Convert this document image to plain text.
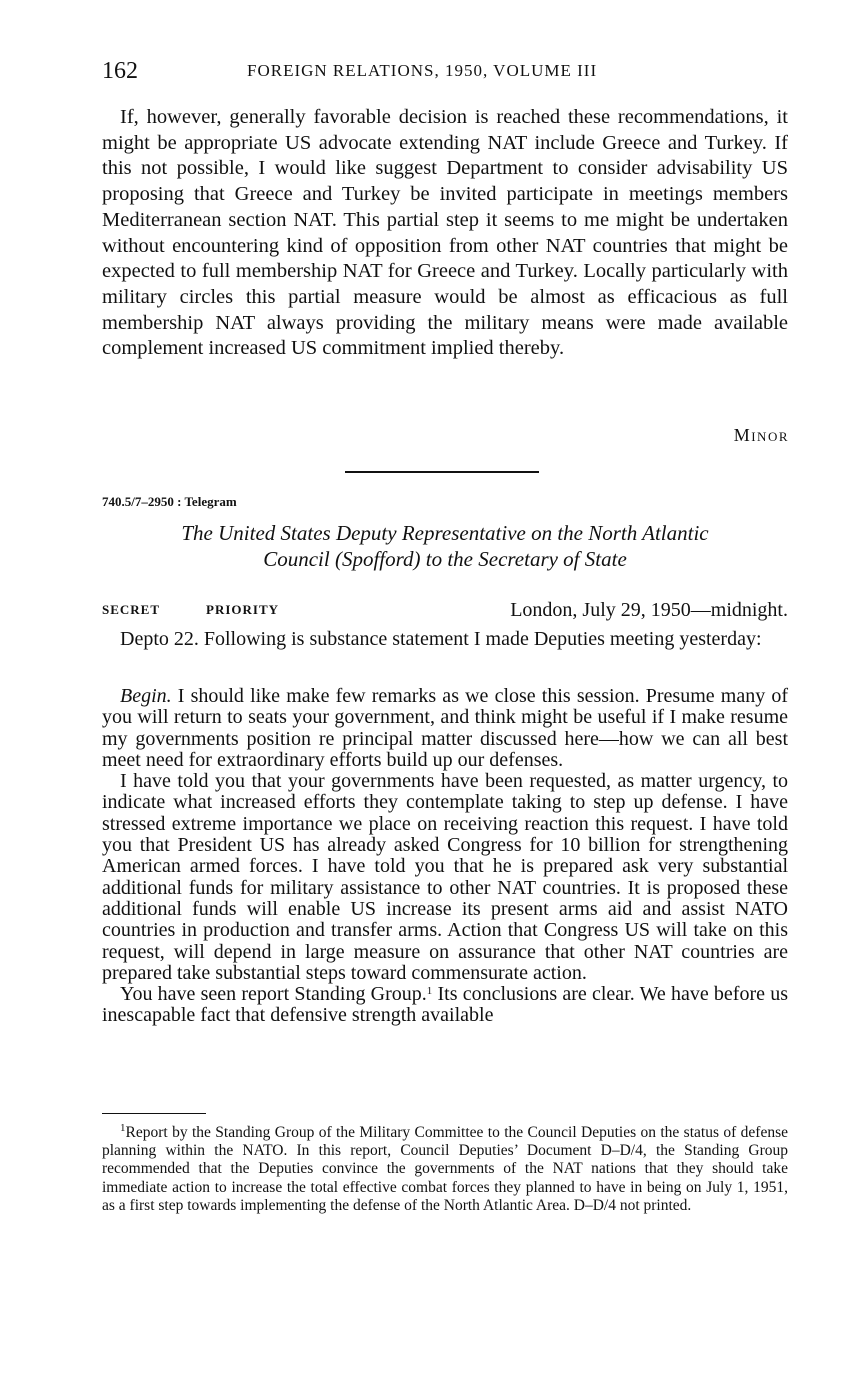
162	FOREIGN RELATIONS, 1950, VOLUME III

If, however, generally favorable decision is reached these recommendations, it might be appropriate US advocate extending NAT include Greece and Turkey. If this not possible, I would like suggest Department to consider advisability US proposing that Greece and Turkey be invited participate in meetings members Mediterranean section NAT. This partial step it seems to me might be undertaken without encountering kind of opposition from other NAT countries that might be expected to full membership NAT for Greece and Turkey. Locally particularly with military circles this partial measure would be almost as efficacious as full membership NAT always providing the military means were made available complement increased US commitment implied thereby.

Minor
740.5/7–2950 : Telegram
The United States Deputy Representative on the North Atlantic
Council (Spofford) to the Secretary of State
SECRET	PRIORITY	London, July 29, 1950—midnight.

Depto 22. Following is substance statement I made Deputies meeting yesterday:

Begin. I should like make few remarks as we close this session. Presume many of you will return to seats your government, and think might be useful if I make resume my governments position re principal matter discussed here—how we can all best meet need for extraordinary efforts build up our defenses.

I have told you that your governments have been requested, as matter urgency, to indicate what increased efforts they contemplate taking to step up defense. I have stressed extreme importance we place on receiving reaction this request. I have told you that President US has already asked Congress for 10 billion for strengthening American armed forces. I have told you that he is prepared ask very substantial additional funds for military assistance to other NAT countries. It is proposed these additional funds will enable US increase its present arms aid and assist NATO countries in production and transfer arms. Action that Congress US will take on this request, will depend in large measure on assurance that other NAT countries are prepared take substantial steps toward commensurate action.

You have seen report Standing Group.$^1$ Its conclusions are clear. We have before us inescapable fact that defensive strength available

$^1$Report by the Standing Group of the Military Committee to the Council Deputies on the status of defense planning within the NATO. In this report, Council Deputies’ Document D–D/4, the Standing Group recommended that the Deputies convince the governments of the NAT nations that they should take immediate action to increase the total effective combat forces they planned to have in being on July 1, 1951, as a first step towards implementing the defense of the North Atlantic Area. D–D/4 not printed.
